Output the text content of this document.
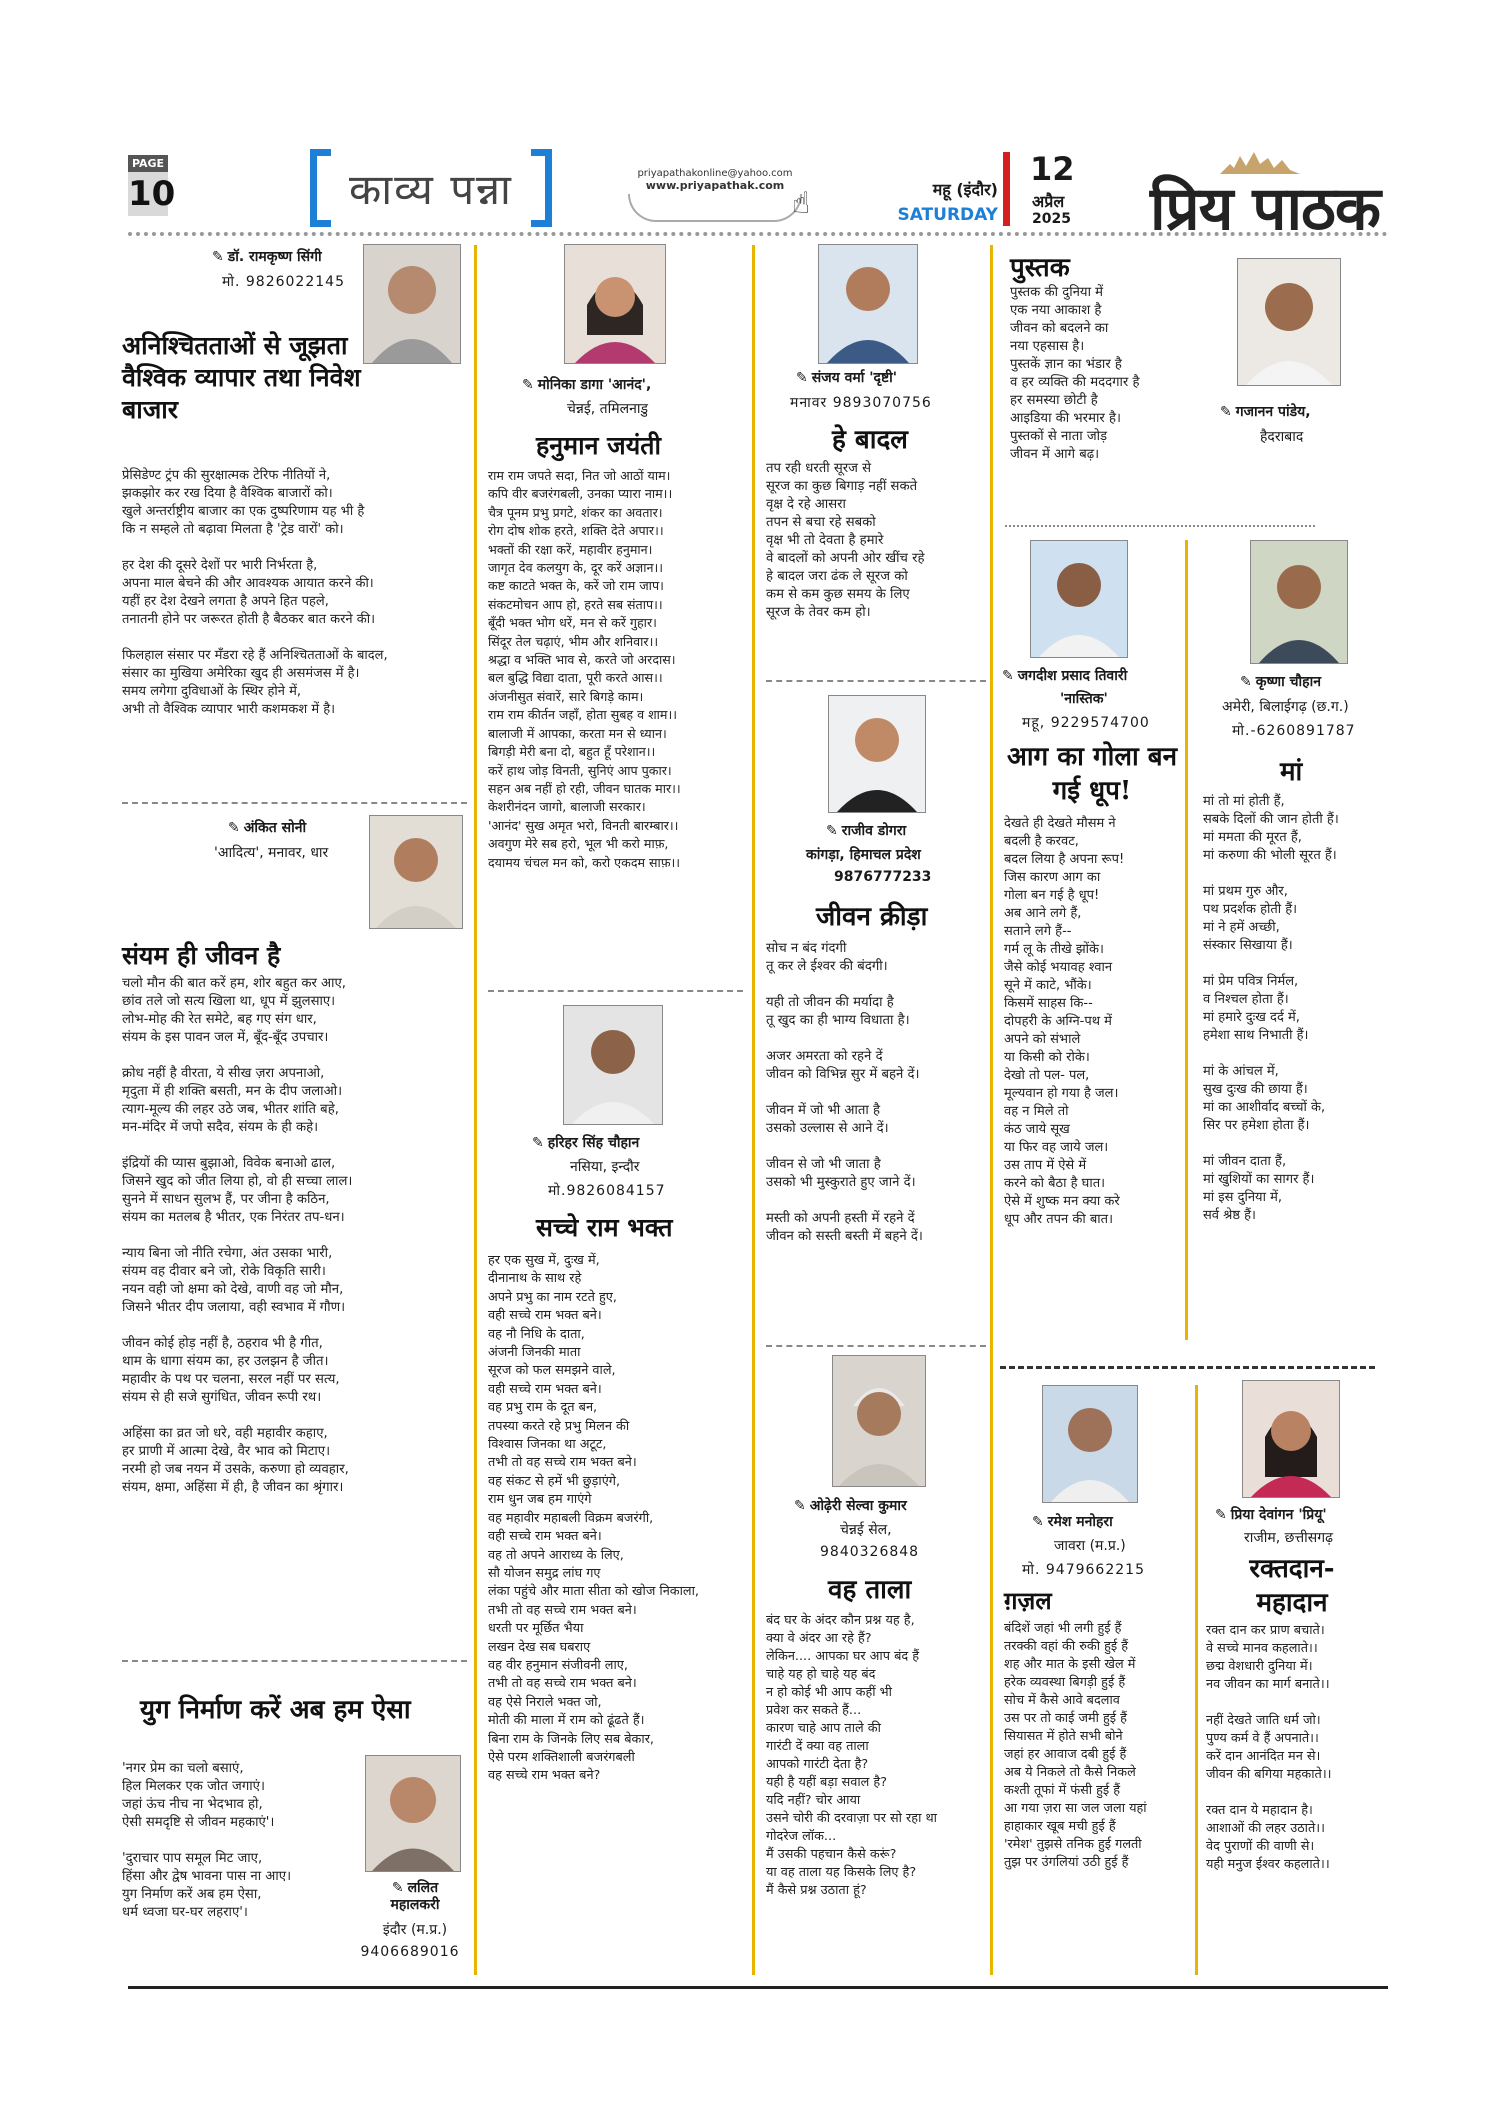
PAGE
10	काव्य पन्ना	priyapathakonline@yahoo.com
www.priyapathak.com
☝	महू (इंदौर)
SATURDAY
12
अप्रैल
2025 प्रिय पाठक
✎ डॉ. रामकृष्ण सिंगी
मो. 9826022145
अनिश्चितताओं से जूझता वैश्विक व्यापार तथा निवेश बाजार
प्रेसिडेण्ट ट्रंप की सुरक्षात्मक टेरिफ नीतियों ने,
झकझोर कर रख दिया है वैश्विक बाजारों को।
खुले अन्तर्राष्ट्रीय बाजार का एक दुष्परिणाम यह भी है
कि न सम्हले तो बढ़ावा मिलता है 'ट्रेड वारों' को।

हर देश की दूसरे देशों पर भारी निर्भरता है,
अपना माल बेचने की और आवश्यक आयात करने की।
यहीं हर देश देखने लगता है अपने हित पहले,
तनातनी होने पर जरूरत होती है बैठकर बात करने की।

फिलहाल संसार पर मँडरा रहे हैं अनिश्चितताओं के बादल,
संसार का मुखिया अमेरिका खुद ही असमंजस में है।
समय लगेगा दुविधाओं के स्थिर होने में,
अभी तो वैश्विक व्यापार भारी कशमकश में है।
✎ अंकित सोनी
'आदित्य', मनावर, धार
संयम ही जीवन है
चलो मौन की बात करें हम, शोर बहुत कर आए,
छांव तले जो सत्य खिला था, धूप में झुलसाए।
लोभ-मोह की रेत समेटे, बह गए संग धार,
संयम के इस पावन जल में, बूँद-बूँद उपचार।

क्रोध नहीं है वीरता, ये सीख ज़रा अपनाओ,
मृदुता में ही शक्ति बसती, मन के दीप जलाओ।
त्याग-मूल्य की लहर उठे जब, भीतर शांति बहे,
मन-मंदिर में जपो सदैव, संयम के ही कहे।

इंद्रियों की प्यास बुझाओ, विवेक बनाओ ढाल,
जिसने खुद को जीत लिया हो, वो ही सच्चा लाल।
सुनने में साधन सुलभ हैं, पर जीना है कठिन,
संयम का मतलब है भीतर, एक निरंतर तप-धन।

न्याय बिना जो नीति रचेगा, अंत उसका भारी,
संयम वह दीवार बने जो, रोके विकृति सारी।
नयन वही जो क्षमा को देखे, वाणी वह जो मौन,
जिसने भीतर दीप जलाया, वही स्वभाव में गौण।

जीवन कोई होड़ नहीं है, ठहराव भी है गीत,
थाम के धागा संयम का, हर उलझन है जीत।
महावीर के पथ पर चलना, सरल नहीं पर सत्य,
संयम से ही सजे सुगंधित, जीवन रूपी रथ।

अहिंसा का व्रत जो धरे, वही महावीर कहाए,
हर प्राणी में आत्मा देखे, वैर भाव को मिटाए।
नरमी हो जब नयन में उसके, करुणा हो व्यवहार,
संयम, क्षमा, अहिंसा में ही, है जीवन का श्रृंगार।
युग निर्माण करें अब हम ऐसा
'नगर प्रेम का चलो बसाएं,
हिल मिलकर एक जोत जगाएं।
जहां ऊंच नीच ना भेदभाव हो,
ऐसी समदृष्टि से जीवन महकाएं'।

'दुराचार पाप समूल मिट जाए,
हिंसा और द्वेष भावना पास ना आए।
युग निर्माण करें अब हम ऐसा,
धर्म ध्वजा घर-घर लहराए'।
✎ ललित
महालकरी
इंदौर (म.प्र.)
9406689016
✎ मोनिका डागा 'आनंद',
चेन्नई, तमिलनाडु
हनुमान जयंती
राम राम जपते सदा, नित जो आठों याम।
कपि वीर बजरंगबली, उनका प्यारा नाम।।
चैत्र पूनम प्रभु प्रगटे, शंकर का अवतार।
रोग दोष शोक हरते, शक्ति देते अपार।।
भक्तों की रक्षा करें, महावीर हनुमान।
जागृत देव कलयुग के, दूर करें अज्ञान।।
कष्ट काटते भक्त के, करें जो राम जाप।
संकटमोचन आप हो, हरते सब संताप।।
बूँदी भक्त भोग धरें, मन से करें गुहार।
सिंदूर तेल चढ़ाएं, भीम और शनिवार।।
श्रद्धा व भक्ति भाव से, करते जो अरदास।
बल बुद्धि विद्या दाता, पूरी करते आस।।
अंजनीसुत संवारें, सारे बिगड़े काम।
राम राम कीर्तन जहाँ, होता सुबह व शाम।।
बालाजी में आपका, करता मन से ध्यान।
बिगड़ी मेरी बना दो, बहुत हूँ परेशान।।
करें हाथ जोड़ विनती, सुनिएं आप पुकार।
सहन अब नहीं हो रही, जीवन घातक मार।।
केशरीनंदन जागो, बालाजी सरकार।
'आनंद' सुख अमृत भरो, विनती बारम्बार।।
अवगुण मेरे सब हरो, भूल भी करो माफ़,
दयामय चंचल मन को, करो एकदम साफ़।।
✎ हरिहर सिंह चौहान
नसिया, इन्दौर
मो.9826084157
सच्चे राम भक्त
हर एक सुख में, दुःख में,
दीनानाथ के साथ रहे
अपने प्रभु का नाम रटते हुए,
वही सच्चे राम भक्त बने।
वह नौ निधि के दाता,
अंजनी जिनकी माता
सूरज को फल समझने वाले,
वही सच्चे राम भक्त बने।
वह प्रभु राम के दूत बन,
तपस्या करते रहे प्रभु मिलन की
विश्वास जिनका था अटूट,
तभी तो वह सच्चे राम भक्त बने।
वह संकट से हमें भी छुड़ाएंगे,
राम धुन जब हम गाएंगे
वह महावीर महाबली विक्रम बजरंगी,
वही सच्चे राम भक्त बने।
वह तो अपने आराध्य के लिए,
सौ योजन समुद्र लांघ गए
लंका पहुंचे और माता सीता को खोज निकाला,
तभी तो वह सच्चे राम भक्त बने।
धरती पर मूर्छित भैया
लखन देख सब घबराए
वह वीर हनुमान संजीवनी लाए,
तभी तो वह सच्चे राम भक्त बने।
वह ऐसे निराले भक्त जो,
मोती की माला में राम को ढूंढते हैं।
बिना राम के जिनके लिए सब बेकार,
ऐसे परम शक्तिशाली बजरंगबली
वह सच्चे राम भक्त बने?
✎ संजय वर्मा 'दृष्टी'
मनावर 9893070756
हे बादल
तप रही धरती सूरज से
सूरज का कुछ बिगाड़ नहीं सकते
वृक्ष दे रहे आसरा
तपन से बचा रहे सबको
वृक्ष भी तो देवता है हमारे
वे बादलों को अपनी ओर खींच रहे
हे बादल जरा ढंक ले सूरज को
कम से कम कुछ समय के लिए
सूरज के तेवर कम हो।
✎ राजीव डोगरा
कांगड़ा, हिमाचल प्रदेश
9876777233
जीवन क्रीड़ा
सोच न बंद गंदगी
तू कर ले ईश्वर की बंदगी।

यही तो जीवन की मर्यादा है
तू खुद का ही भाग्य विधाता है।

अजर अमरता को रहने दें
जीवन को विभिन्न सुर में बहने दें।

जीवन में जो भी आता है
उसको उल्लास से आने दें।

जीवन से जो भी जाता है
उसको भी मुस्कुराते हुए जाने दें।

मस्ती को अपनी हस्ती में रहने दें
जीवन को सस्ती बस्ती में बहने दें।
✎ ओढ़ेरी सेल्वा कुमार
चेन्नई सेल,
9840326848
वह ताला
बंद घर के अंदर कौन प्रश्न यह है,
क्या वे अंदर आ रहे हैं?
लेकिन.... आपका घर आप बंद हैं
चाहे यह हो चाहे यह बंद
न हो कोई भी आप कहीं भी
प्रवेश कर सकते हैं...
कारण चाहे आप ताले की
गारंटी दें क्या वह ताला
आपको गारंटी देता है?
यही है यहीं बड़ा सवाल है?
यदि नहीं? चोर आया
उसने चोरी की दरवाज़ा पर सो रहा था
गोदरेज लॉक...
मैं उसकी पहचान कैसे करूं?
या वह ताला यह किसके लिए है?
मैं कैसे प्रश्न उठाता हूं?
पुस्तक
पुस्तक की दुनिया में
एक नया आकाश है
जीवन को बदलने का
नया एहसास है।
पुस्तकें ज्ञान का भंडार है
व हर व्यक्ति की मददगार है
हर समस्या छोटी है
आइडिया की भरमार है।
पुस्तकों से नाता जोड़
जीवन में आगे बढ़।
✎ गजानन पांडेय,
हैदराबाद
✎ जगदीश प्रसाद तिवारी
'नास्तिक'
महू, 9229574700
आग का गोला बन गई धूप!
देखते ही देखते मौसम ने
बदली है करवट,
बदल लिया है अपना रूप!
जिस कारण आग का
गोला बन गई है धूप!
अब आने लगे हैं,
सताने लगे हैं--
गर्म लू के तीखे झोंके।
जैसे कोई भयावह श्वान
सूने में काटे, भौंके।
किसमें साहस कि--
दोपहरी के अग्नि-पथ में
अपने को संभाले
या किसी को रोके।
देखो तो पल- पल,
मूल्यवान हो गया है जल।
वह न मिले तो
कंठ जाये सूख
या फिर वह जाये जल।
उस ताप में ऐसे में
करने को बैठा है घात।
ऐसे में शुष्क मन क्या करे
धूप और तपन की बात।
✎ कृष्णा चौहान
अमेरी, बिलाईगढ़ (छ.ग.)
मो.-6260891787
मां
मां तो मां होती हैं,
सबके दिलों की जान होती हैं।
मां ममता की मूरत हैं,
मां करुणा की भोली सूरत हैं।

मां प्रथम गुरु और,
पथ प्रदर्शक होती हैं।
मां ने हमें अच्छी,
संस्कार सिखाया हैं।

मां प्रेम पवित्र निर्मल,
व निश्चल होता हैं।
मां हमारे दुःख दर्द में,
हमेशा साथ निभाती हैं।

मां के आंचल में,
सुख दुःख की छाया हैं।
मां का आशीर्वाद बच्चों के,
सिर पर हमेशा होता हैं।

मां जीवन दाता हैं,
मां खुशियों का सागर हैं।
मां इस दुनिया में,
सर्व श्रेष्ठ हैं।
✎ रमेश मनोहरा
जावरा (म.प्र.)
मो. 9479662215
ग़ज़ल
बंदिशें जहां भी लगी हुई हैं
तरक्की वहां की रुकी हुई हैं
शह और मात के इसी खेल में
हरेक व्यवस्था बिगड़ी हुई हैं
सोच में कैसे आवे बदलाव
उस पर तो काई जमी हुई हैं
सियासत में होते सभी बोने
जहां हर आवाज दबी हुई हैं
अब ये निकले तो कैसे निकले
कश्ती तूफां में फंसी हुई हैं
आ गया ज़रा सा जल जला यहां
हाहाकार खूब मची हुई हैं
'रमेश' तुझसे तनिक हुई गलती
तुझ पर उंगलियां उठी हुई हैं
✎ प्रिया देवांगन 'प्रियू'
राजीम, छत्तीसगढ़
रक्तदान- महादान
रक्त दान कर प्राण बचाते।
वे सच्चे मानव कहलाते।।
छद्म वेशधारी दुनिया में।
नव जीवन का मार्ग बनाते।।

नहीं देखते जाति धर्म जो।
पुण्य कर्म वे हैं अपनाते।।
करें दान आनंदित मन से।
जीवन की बगिया महकाते।।

रक्त दान ये महादान है।
आशाओं की लहर उठाते।।
वेद पुराणों की वाणी से।
यही मनुज ईश्वर कहलाते।।
